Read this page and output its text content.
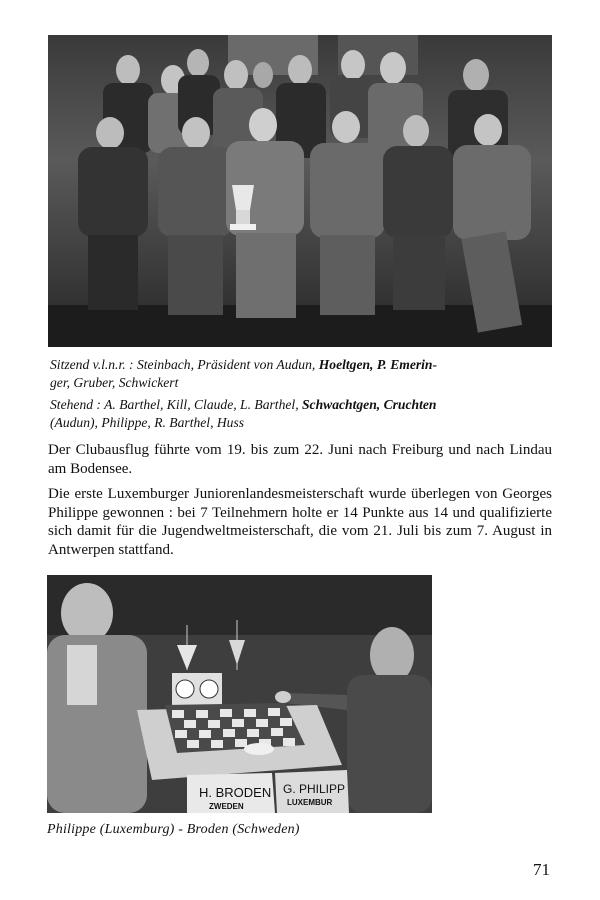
Sitzend v.l.n.r. : Steinbach, Präsident von Audun, Hoeltgen, P. Emerin-
ger, Gruber, Schwickert
Stehend : A. Barthel, Kill, Claude, L. Barthel, Schwachtgen, Cruchten
(Audun), Philippe, R. Barthel, Huss
Der Clubausflug führte vom 19. bis zum 22. Juni nach Freiburg und nach Lindau am Bodensee.
Die erste Luxemburger Juniorenlandesmeisterschaft wurde überlegen von Georges Philippe gewonnen : bei 7 Teilnehmern holte er 14 Punkte aus 14 und qualifizierte sich damit für die Jugendweltmeisterschaft, die vom 21. Juli bis zum 7. August in Antwerpen stattfand.
H. BRODEN
ZWEDEN
G. PHILIPP
LUXEMBUR
Philippe (Luxemburg) - Broden (Schweden)
71
